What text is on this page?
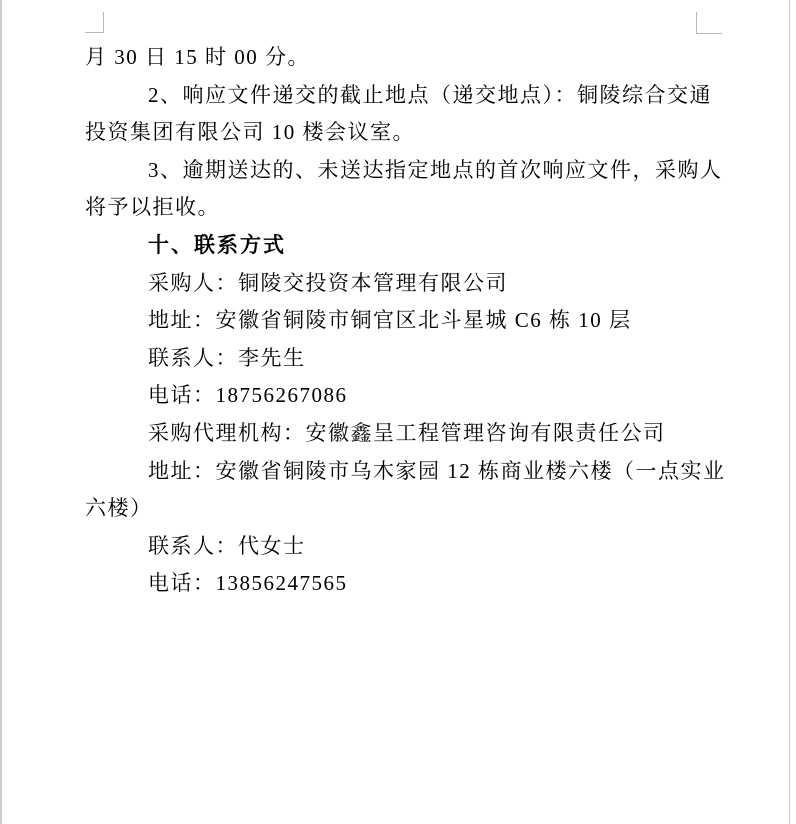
月 30 日 15 时 00 分。
2、响应文件递交的截止地点（递交地点）：铜陵综合交通
投资集团有限公司 10 楼会议室。
3、逾期送达的、未送达指定地点的首次响应文件，采购人
将予以拒收。
十、联系方式
采购人：铜陵交投资本管理有限公司
地址：安徽省铜陵市铜官区北斗星城 C6 栋 10 层
联系人：李先生
电话：18756267086
采购代理机构：安徽鑫呈工程管理咨询有限责任公司
地址：安徽省铜陵市乌木家园 12 栋商业楼六楼（一点实业
六楼）
联系人：代女士
电话：13856247565
